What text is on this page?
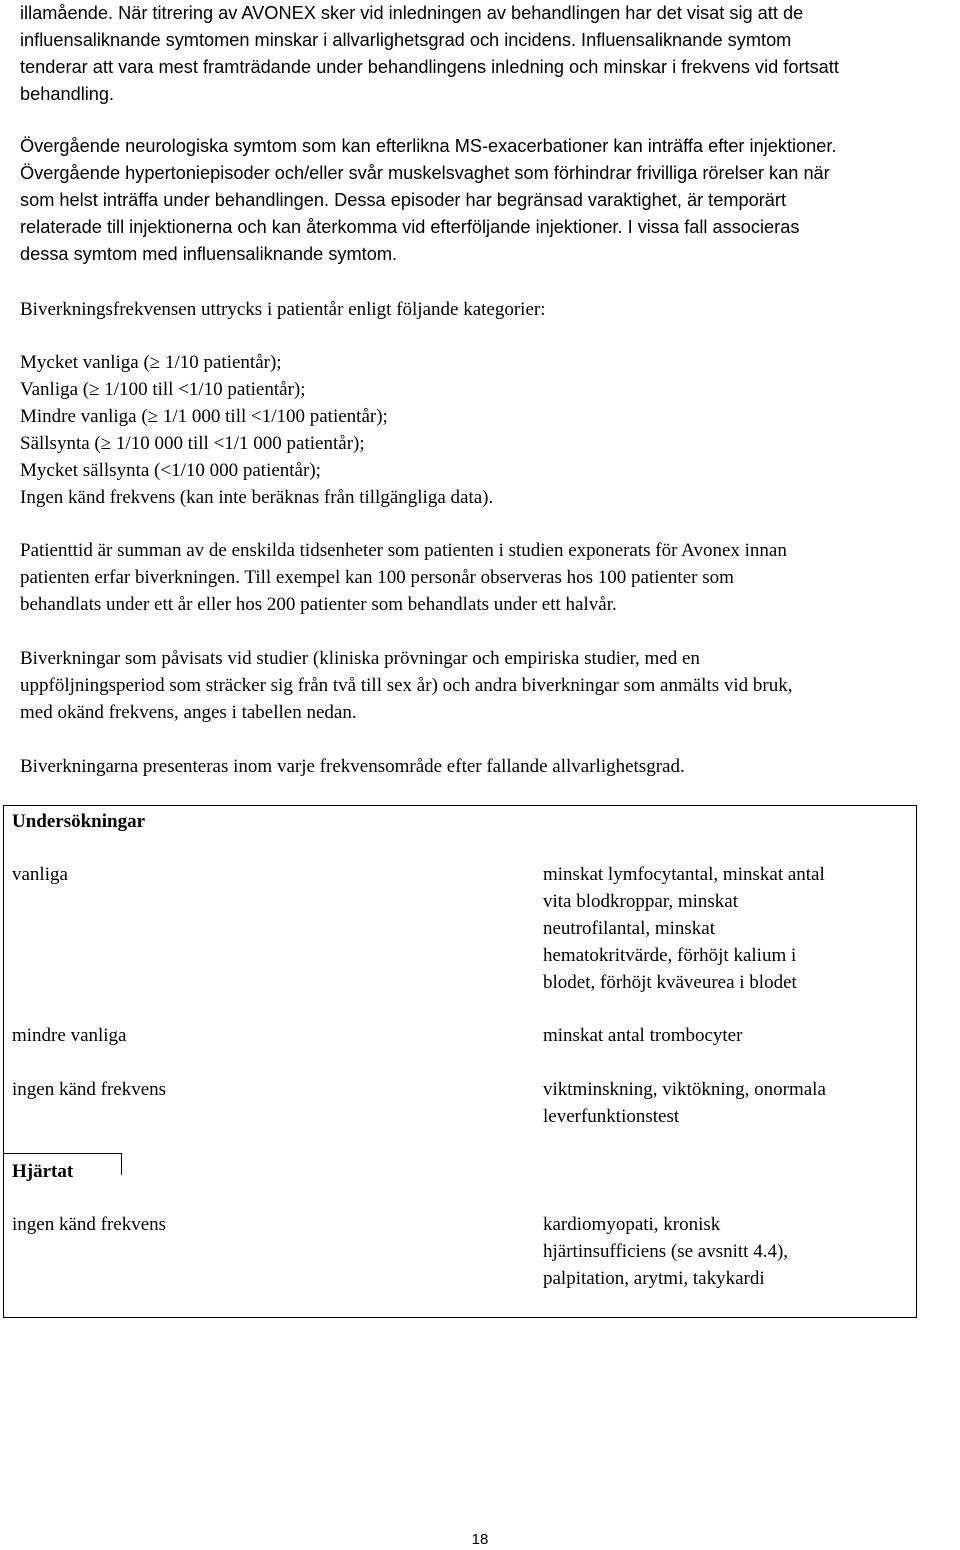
illamående. När titrering av AVONEX sker vid inledningen av behandlingen har det visat sig att de

influensaliknande symtomen minskar i allvarlighetsgrad och incidens. Influensaliknande symtom

tenderar att vara mest framträdande under behandlingens inledning och minskar i frekvens vid fortsatt

behandling.

Övergående neurologiska symtom som kan efterlikna MS-exacerbationer kan inträffa efter injektioner.

Övergående hypertoniepisoder och/eller svår muskelsvaghet som förhindrar frivilliga rörelser kan när

som helst inträffa under behandlingen. Dessa episoder har begränsad varaktighet, är temporärt

relaterade till injektionerna och kan återkomma vid efterföljande injektioner. I vissa fall associeras

dessa symtom med influensaliknande symtom.

Biverkningsfrekvensen uttrycks i patientår enligt följande kategorier:

Mycket vanliga (≥ 1/10 patientår);

Vanliga (≥ 1/100 till <1/10 patientår);

Mindre vanliga (≥ 1/1 000 till <1/100 patientår);

Sällsynta (≥ 1/10 000 till <1/1 000 patientår);

Mycket sällsynta (<1/10 000 patientår);

Ingen känd frekvens (kan inte beräknas från tillgängliga data).

Patienttid är summan av de enskilda tidsenheter som patienten i studien exponerats för Avonex innan

patienten erfar biverkningen. Till exempel kan 100 personår observeras hos 100 patienter som

behandlats under ett år eller hos 200 patienter som behandlats under ett halvår.

Biverkningar som påvisats vid studier (kliniska prövningar och empiriska studier, med en

uppföljningsperiod som sträcker sig från två till sex år) och andra biverkningar som anmälts vid bruk,

med okänd frekvens, anges i tabellen nedan.

Biverkningarna presenteras inom varje frekvensområde efter fallande allvarlighetsgrad.

Undersökningar
vanliga	minskat lymfocytantal, minskat antal

vita blodkroppar, minskat

neutrofilantal, minskat

hematokritvärde, förhöjt kalium i

blodet, förhöjt kväveurea i blodet

mindre vanliga	minskat antal trombocyter

ingen känd frekvens	viktminskning, viktökning, onormala

leverfunktionstest

Hjärtat
ingen känd frekvens	kardiomyopati, kronisk

hjärtinsufficiens (se avsnitt 4.4),

palpitation, arytmi, takykardi

18
